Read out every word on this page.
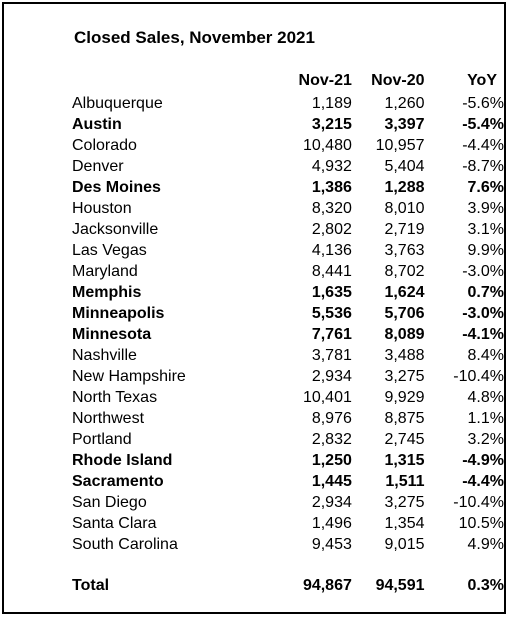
Closed Sales, November 2021
	Nov-21	Nov-20	YoY
Albuquerque	1,189	1,260	-5.6%
Austin	3,215	3,397	-5.4%
Colorado	10,480	10,957	-4.4%
Denver	4,932	5,404	-8.7%
Des Moines	1,386	1,288	7.6%
Houston	8,320	8,010	3.9%
Jacksonville	2,802	2,719	3.1%
Las Vegas	4,136	3,763	9.9%
Maryland	8,441	8,702	-3.0%
Memphis	1,635	1,624	0.7%
Minneapolis	5,536	5,706	-3.0%
Minnesota	7,761	8,089	-4.1%
Nashville	3,781	3,488	8.4%
New Hampshire	2,934	3,275	-10.4%
North Texas	10,401	9,929	4.8%
Northwest	8,976	8,875	1.1%
Portland	2,832	2,745	3.2%
Rhode Island	1,250	1,315	-4.9%
Sacramento	1,445	1,511	-4.4%
San Diego	2,934	3,275	-10.4%
Santa Clara	1,496	1,354	10.5%
South Carolina	9,453	9,015	4.9%

Total	94,867	94,591	0.3%
